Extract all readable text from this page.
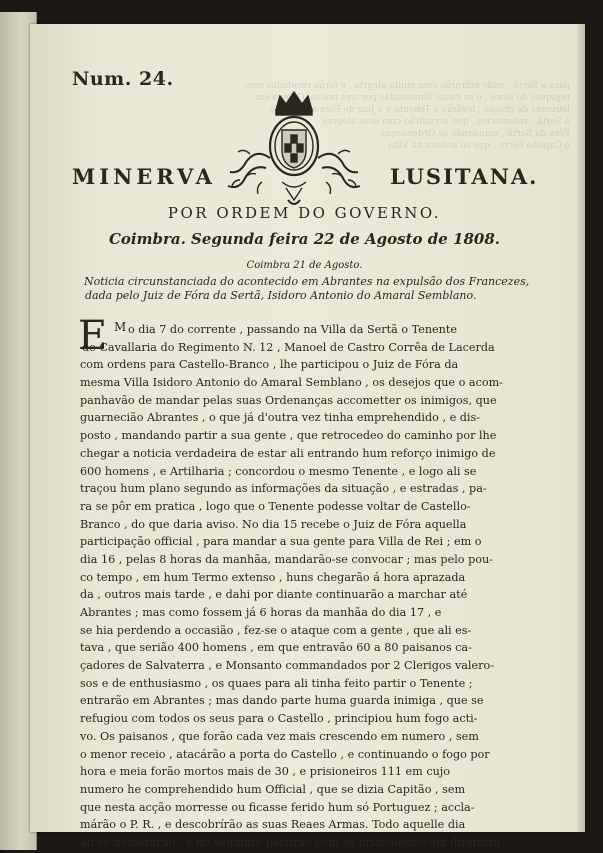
para a Sertã , onde entrarão com muita alegria , e forão recebidos com
repiques de sinos , e as casas illuminadas por tres noites. O Povo em
louvores de graças , levárão o Tenente e o Juiz de Fóra em triunfo
á Sertã , voluntarios , que accudirão com seus alegres
Fóra da Sertã , mandando as Ordenanças
o Capitão Ferre , que se achava na Villa
Num. 24.
MINERVA	LUSITANA.
POR ORDEM DO GOVERNO.
Coimbra. Segunda feira 22 de Agosto de 1808.
Coimbra 21 de Agosto.
Noticia circunstanciada do acontecido em Abrantes na expulsão dos Francezes,
dada pelo Juiz de Fóra da Sertã, Isidoro Antonio do Amaral Semblano.
E M o dia 7 do corrente , passando na Villa da Sertã o Tenente
de Cavallaria do Regimento N. 12 , Manoel de Castro Corrêa de Lacerda
com ordens para Castello-Branco , lhe participou o Juiz de Fóra da
mesma Villa Isidoro Antonio do Amaral Semblano , os desejos que o acom-
panhavão de mandar pelas suas Ordenanças accometter os inimigos, que
guarnecião Abrantes , o que já d'outra vez tinha emprehendido , e dis-
posto , mandando partir a sua gente , que retrocedeo do caminho por lhe
chegar a noticia verdadeira de estar ali entrando hum reforço inimigo de
600 homens , e Artilharia ; concordou o mesmo Tenente , e logo ali se
traçou hum plano segundo as informações da situação , e estradas , pa-
ra se pôr em pratica , logo que o Tenente podesse voltar de Castello-
Branco , do que daria aviso. No dia 15 recebe o Juiz de Fóra aquella
participação official , para mandar a sua gente para Villa de Rei ; em o
dia 16 , pelas 8 horas da manhãa, mandarão-se convocar ; mas pelo pou-
co tempo , em hum Termo extenso , huns chegarão á hora aprazada
da , outros mais tarde , e dahi por diante continuarão a marchar até
Abrantes ; mas como fossem já 6 horas da manhãa do dia 17 , e
se hia perdendo a occasião , fez-se o ataque com a gente , que ali es-
tava , que serião 400 homens , em que entravão 60 a 80 paisanos ca-
çadores de Salvaterra , e Monsanto commandados por 2 Clerigos valero-
sos e de enthusiasmo , os quaes para ali tinha feito partir o Tenente ;
entrarão em Abrantes ; mas dando parte huma guarda inimiga , que se
refugiou com todos os seus para o Castello , principiou hum fogo acti-
vo. Os paisanos , que forão cada vez mais crescendo em numero , sem
o menor receio , atacárão a porta do Castello , e continuando o fogo por
hora e meia forão mortos mais de 30 , e prisioneiros 111 em cujo
numero he comprehendido hum Official , que se dizia Capitão , sem
que nesta acção morresse ou ficasse ferido hum só Portuguez ; accla-
márão o P. R. , e descobrírão as suas Reaes Armas. Todo aquelle dia
ali se demorárão , e no seguinte partirão com os prisioneiros em direitura
